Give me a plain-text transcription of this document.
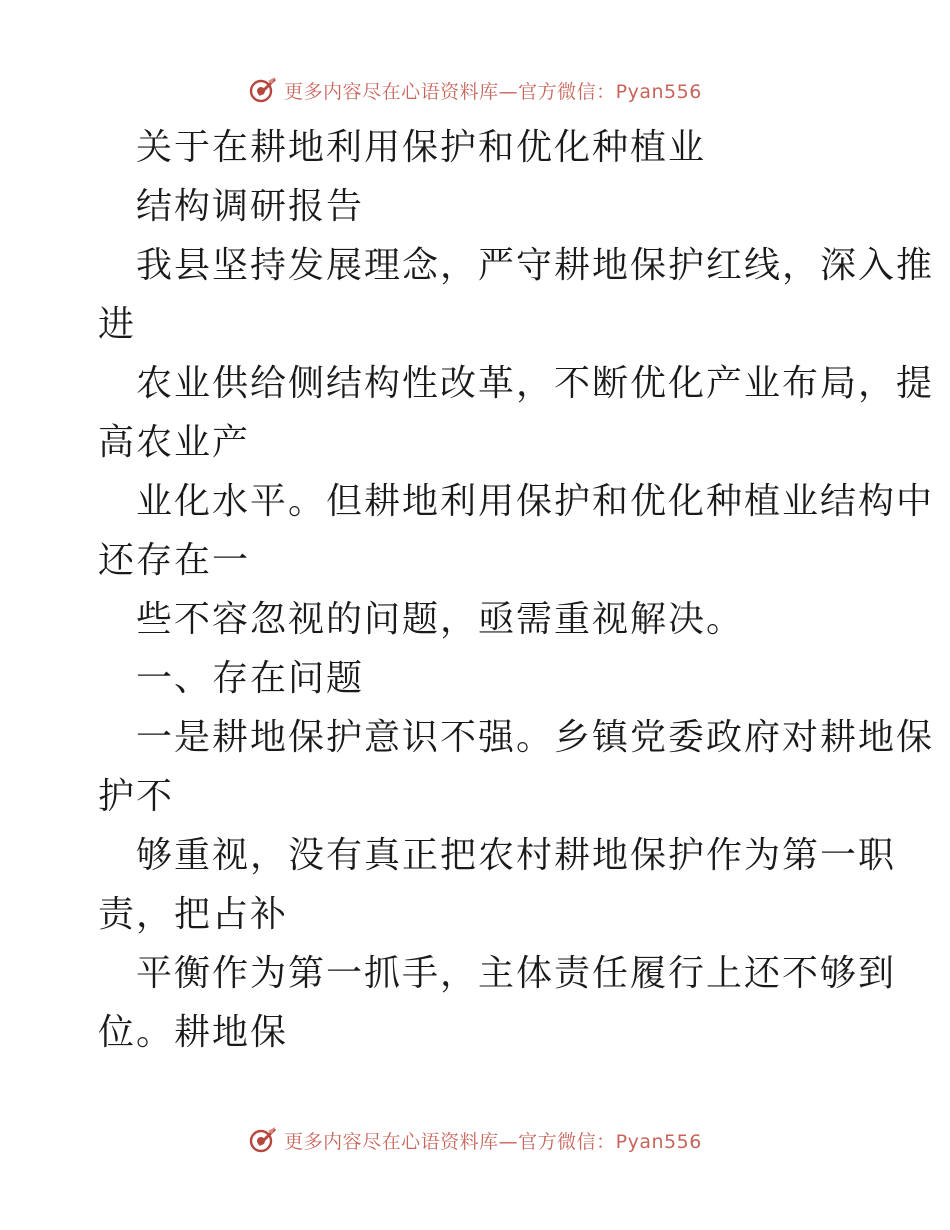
更多内容尽在心语资料库—官方微信：Pyan556
关于在耕地利用保护和优化种植业
结构调研报告
我县坚持发展理念，严守耕地保护红线，深入推
进
农业供给侧结构性改革，不断优化产业布局，提
高农业产
业化水平。但耕地利用保护和优化种植业结构中
还存在一
些不容忽视的问题，亟需重视解决。
一、存在问题
一是耕地保护意识不强。乡镇党委政府对耕地保
护不
够重视，没有真正把农村耕地保护作为第一职
责，把占补
平衡作为第一抓手，主体责任履行上还不够到
位。耕地保
更多内容尽在心语资料库—官方微信：Pyan556
